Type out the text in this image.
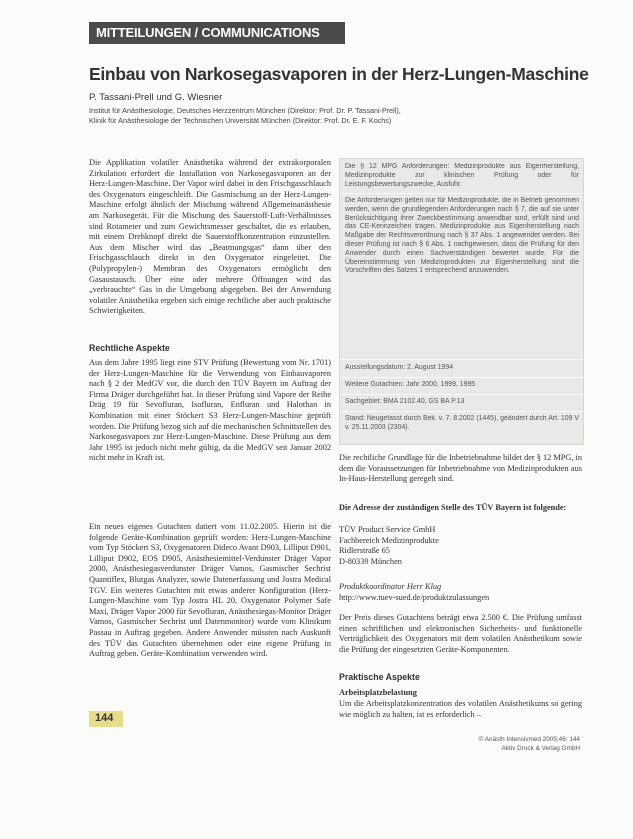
MITTEILUNGEN / COMMUNICATIONS
Einbau von Narkosegasvaporen in der Herz-Lungen-Maschine
P. Tassani-Prell und G. Wiesner
Institut für Anästhesiologie, Deutsches Herzzentrum München (Direktor: Prof. Dr. P. Tassani-Prell),
Klinik für Anästhesiologie der Technischen Universität München (Direktor: Prof. Dr. E. F. Kochs)

Die Applikation volatiler Anästhetika während der extrakorporalen Zirkulation erfordert die Installation von Narkosegasvaporen an der Herz-Lungen-Maschine. Der Vapor wird dabei in den Frischgasschlauch des Oxygenators eingeschleift. Die Gasmischung an der Herz-Lungen-Maschine erfolgt ähnlich der Mischung während Allgemeinanästhesie am Narkosegerät. Für die Mischung des Sauerstoff-Luft-Verhältnisses sind Rotameter und zum Gewichtsmesser geschaltet, die es erlauben, mit einem Drehknopf direkt die Sauerstoffkonzentration einzustellen. Aus dem Mischer wird das „Beatmungsgas“ dann über den Frischgasschlauch direkt in den Oxygenator eingeleitet. Die (Polypropylen-) Membran des Oxygenators ermöglicht den Gasaustausch. Über eine oder mehrere Öffnungen wird das „verbrauchte“ Gas in die Umgebung abgegeben. Bei der Anwendung volatiler Anästhetika ergeben sich einige rechtliche aber auch praktische Schwierigkeiten.

Rechtliche Aspekte

Aus dem Jahre 1995 liegt eine STV Prüfung (Bewertung vom Nr. 1701) der Herz-Lungen-Maschine für die Verwendung von Einbauvaporen nach § 2 der MedGV vor, die durch den TÜV Bayern im Auftrag der Firma Dräger durchgeführt hat. In dieser Prüfung sind Vapore der Reihe Dräg 19 für Sevofluran, Isofluran, Enfluran und Halothan in Kombination mit einer Stöckert S3 Herz-Lungen-Maschine geprüft worden. Die Prüfung bezog sich auf die mechanischen Schnittstellen des Narkosegasvapors zur Herz-Lungen-Maschine. Diese Prüfung aus dem Jahr 1995 ist jedoch nicht mehr gültig, da die MedGV seit Januar 2002 nicht mehr in Kraft ist.

Ein neues eigenes Gutachten datiert vom 11.02.2005. Hierin ist die folgende Geräte-Kombination geprüft worden: Herz-Lungen-Maschine vom Typ Stöckert S3, Oxygenatoren Dideco Avant D903, Lilliput D901, Lilliput D902, EOS D905, Anästhesiemittel-Verdunster Dräger Vapor 2000, Anästhesiegasverdunster Dräger Vamos, Gasmischer Sechrist Quantiflex, Blutgas Analyzer, sowie Datenerfassung und Jostra Medical TGV. Ein weiteres Gutachten mit etwas anderer Konfiguration (Herz-Lungen-Maschine vom Typ Jostra HL 20, Oxygenator Polymer Safe Maxi, Dräger Vapor 2000 für Sevofluran, Anästhesiegas-Monitor Dräger Vamos, Gasmischer Sechrist und Datenmonitor) wurde vom Klinikum Passau in Auftrag gegeben. Andere Anwender müssten nach Auskunft des TÜV das Gutachten übernehmen oder eine eigene Prüfung in Auftrag geben. Geräte-Kombination verwenden wird.

Die § 12 MPG Anforderungen: Medizinprodukte aus Eigenherstellung, Medizinprodukte zur klinischen Prüfung oder für Leistungsbewertungszwecke, Ausfuhr.
Die Anforderungen gelten nur für Medizinprodukte, die in Betrieb genommen werden, wenn die grundlegenden Anforderungen nach § 7, die auf sie unter Berücksichtigung ihrer Zweckbestimmung anwendbar sind, erfüllt sind und das CE-Kennzeichen tragen. Medizinprodukte aus Eigenherstellung nach Maßgabe der Rechtsverordnung nach § 37 Abs. 1 angewendet werden. Bei dieser Prüfung ist nach § 6 Abs. 1 nachgewiesen, dass die Prüfung für den Anwender durch einen Sachverständigen bewertet wurde. Für die Übereinstimmung von Medizinprodukten zur Eigenherstellung sind die Vorschriften des Satzes 1 entsprechend anzuwenden.
Ausstellungsdatum: 2. August 1994
Weitere Gutachten: Jahr 2000, 1999, 1995
Sachgebiet: BMA 2102.40, GS BA P.13
Stand: Neugefasst durch Bek. v. 7. 8.2002 (1445), geändert durch Art. 109 V v. 25.11.2003 (2304).

Die rechtliche Grundlage für die Inbetriebnahme bildet der § 12 MPG, in dem die Voraussetzungen für Inbetriebnahme von Medizinprodukten aus In-Haus-Herstellung geregelt sind.

Die Adresse der zuständigen Stelle des TÜV Bayern ist folgende:
TÜV Product Service GmbH
Fachbereich Medizinprodukte
Ridlerstraße 65
D-80339 München
Produktkoordinator Herr Klug
http://www.tuev-sued.de/produktzulassungen

Der Preis dieses Gutachtens beträgt etwa 2.500 €. Die Prüfung umfasst einen schriftlichen und elektronischen Sicherheits- und funktionelle Verträglichkeit des Oxygenators mit dem volatilen Anästhetikum sowie die Prüfung der eingesetzten Geräte-Komponenten.

Praktische Aspekte
Arbeitsplatzbelastung

Um die Arbeitsplatzkonzentration des volatilen Anästhetikums so gering wie möglich zu halten, ist es erforderlich –

144
© Anästh Intensivmed 2005;46: 144
Aktiv Druck & Verlag GmbH
